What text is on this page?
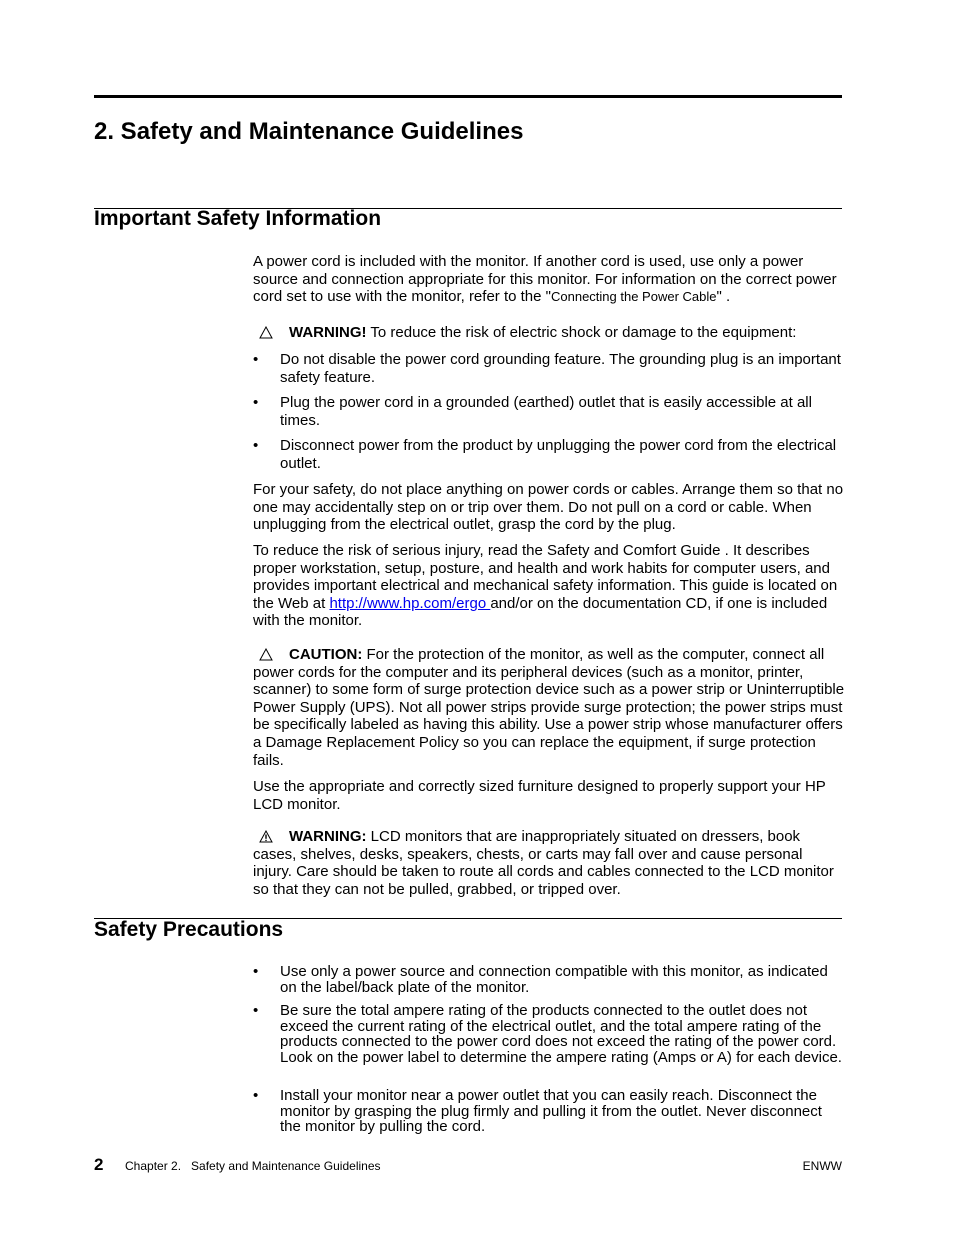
2. Safety and Maintenance Guidelines
Important Safety Information

A power cord is included with the monitor. If another cord is used, use only a power source and connection appropriate for this monitor. For information on the correct power cord set to use with the monitor, refer to the "Connecting the Power Cable" .

WARNING! To reduce the risk of electric shock or damage to the equipment:

•	Do not disable the power cord grounding feature. The grounding plug is an important safety feature.
•	Plug the power cord in a grounded (earthed) outlet that is easily accessible at all times.
•	Disconnect power from the product by unplugging the power cord from the electrical outlet.

For your safety, do not place anything on power cords or cables. Arrange them so that no one may accidentally step on or trip over them. Do not pull on a cord or cable. When unplugging from the electrical outlet, grasp the cord by the plug.

To reduce the risk of serious injury, read the Safety and Comfort Guide . It describes proper workstation, setup, posture, and health and work habits for computer users, and provides important electrical and mechanical safety information. This guide is located on the Web at http://www.hp.com/ergo and/or on the documentation CD, if one is included with the monitor.

CAUTION: For the protection of the monitor, as well as the computer, connect all power cords for the computer and its peripheral devices (such as a monitor, printer, scanner) to some form of surge protection device such as a power strip or Uninterruptible Power Supply (UPS). Not all power strips provide surge protection; the power strips must be specifically labeled as having this ability. Use a power strip whose manufacturer offers a Damage Replacement Policy so you can replace the equipment, if surge protection fails.

Use the appropriate and correctly sized furniture designed to properly support your HP LCD monitor.

WARNING: LCD monitors that are inappropriately situated on dressers, book cases, shelves, desks, speakers, chests, or carts may fall over and cause personal injury. Care should be taken to route all cords and cables connected to the LCD monitor so that they can not be pulled, grabbed, or tripped over.

Safety Precautions
•	Use only a power source and connection compatible with this monitor, as indicated on the label/back plate of the monitor.
•	Be sure the total ampere rating of the products connected to the outlet does not exceed the current rating of the electrical outlet, and the total ampere rating of the products connected to the power cord does not exceed the rating of the power cord. Look on the power label to determine the ampere rating (Amps or A) for each device.
•	Install your monitor near a power outlet that you can easily reach. Disconnect the monitor by grasping the plug firmly and pulling it from the outlet. Never disconnect the monitor by pulling the cord.
2 Chapter 2.   Safety and Maintenance Guidelines	ENWW
